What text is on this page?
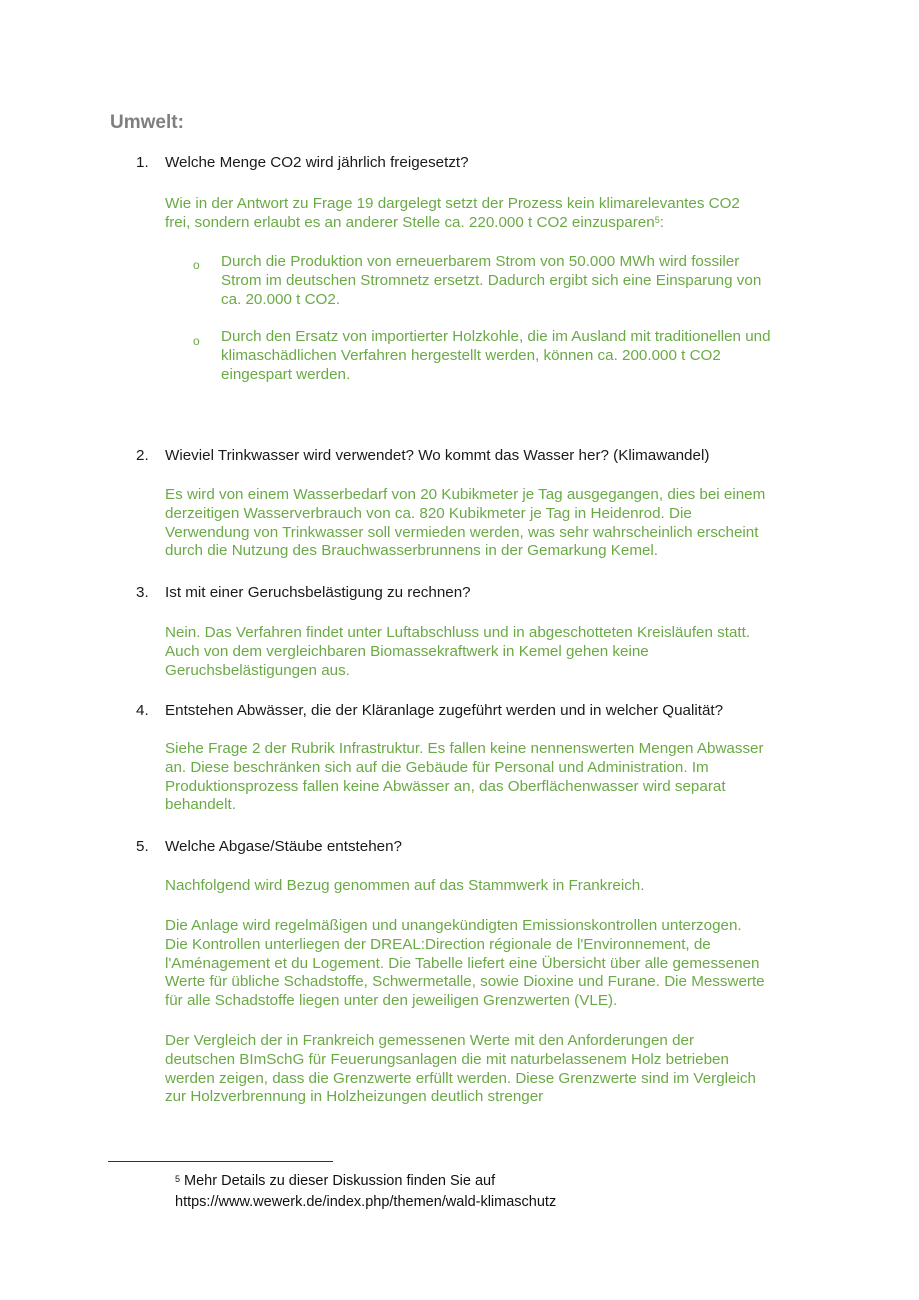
Umwelt:
1. Welche Menge CO2 wird jährlich freigesetzt?
Wie in der Antwort zu Frage 19 dargelegt setzt der Prozess kein klimarelevantes CO2
frei, sondern erlaubt es an anderer Stelle ca. 220.000 t CO2 einzusparen$^5$:
o Durch die Produktion von erneuerbarem Strom von 50.000 MWh wird fossiler
Strom im deutschen Stromnetz ersetzt. Dadurch ergibt sich eine Einsparung von
ca. 20.000 t CO2.
o Durch den Ersatz von importierter Holzkohle, die im Ausland mit traditionellen und
klimaschädlichen Verfahren hergestellt werden, können ca. 200.000 t CO2
eingespart werden.
2. Wieviel Trinkwasser wird verwendet? Wo kommt das Wasser her? (Klimawandel)
Es wird von einem Wasserbedarf von 20 Kubikmeter je Tag ausgegangen, dies bei einem
derzeitigen Wasserverbrauch von ca. 820 Kubikmeter je Tag in Heidenrod. Die
Verwendung von Trinkwasser soll vermieden werden, was sehr wahrscheinlich erscheint
durch die Nutzung des Brauchwasserbrunnens in der Gemarkung Kemel.
3. Ist mit einer Geruchsbelästigung zu rechnen?
Nein. Das Verfahren findet unter Luftabschluss und in abgeschotteten Kreisläufen statt.
Auch von dem vergleichbaren Biomassekraftwerk in Kemel gehen keine
Geruchsbelästigungen aus.
4. Entstehen Abwässer, die der Kläranlage zugeführt werden und in welcher Qualität?
Siehe Frage 2 der Rubrik Infrastruktur. Es fallen keine nennenswerten Mengen Abwasser
an. Diese beschränken sich auf die Gebäude für Personal und Administration. Im
Produktionsprozess fallen keine Abwässer an, das Oberflächenwasser wird separat
behandelt.
5. Welche Abgase/Stäube entstehen?
Nachfolgend wird Bezug genommen auf das Stammwerk in Frankreich.
Die Anlage wird regelmäßigen und unangekündigten Emissionskontrollen unterzogen.
Die Kontrollen unterliegen der DREAL:Direction régionale de l'Environnement, de
l'Aménagement et du Logement. Die Tabelle liefert eine Übersicht über alle gemessenen
Werte für übliche Schadstoffe, Schwermetalle, sowie Dioxine und Furane. Die Messwerte
für alle Schadstoffe liegen unter den jeweiligen Grenzwerten (VLE).
Der Vergleich der in Frankreich gemessenen Werte mit den Anforderungen der
deutschen BImSchG für Feuerungsanlagen die mit naturbelassenem Holz betrieben
werden zeigen, dass die Grenzwerte erfüllt werden. Diese Grenzwerte sind im Vergleich
zur Holzverbrennung in Holzheizungen deutlich strenger
$^5$ Mehr Details zu dieser Diskussion finden Sie auf
https://www.wewerk.de/index.php/themen/wald-klimaschutz
